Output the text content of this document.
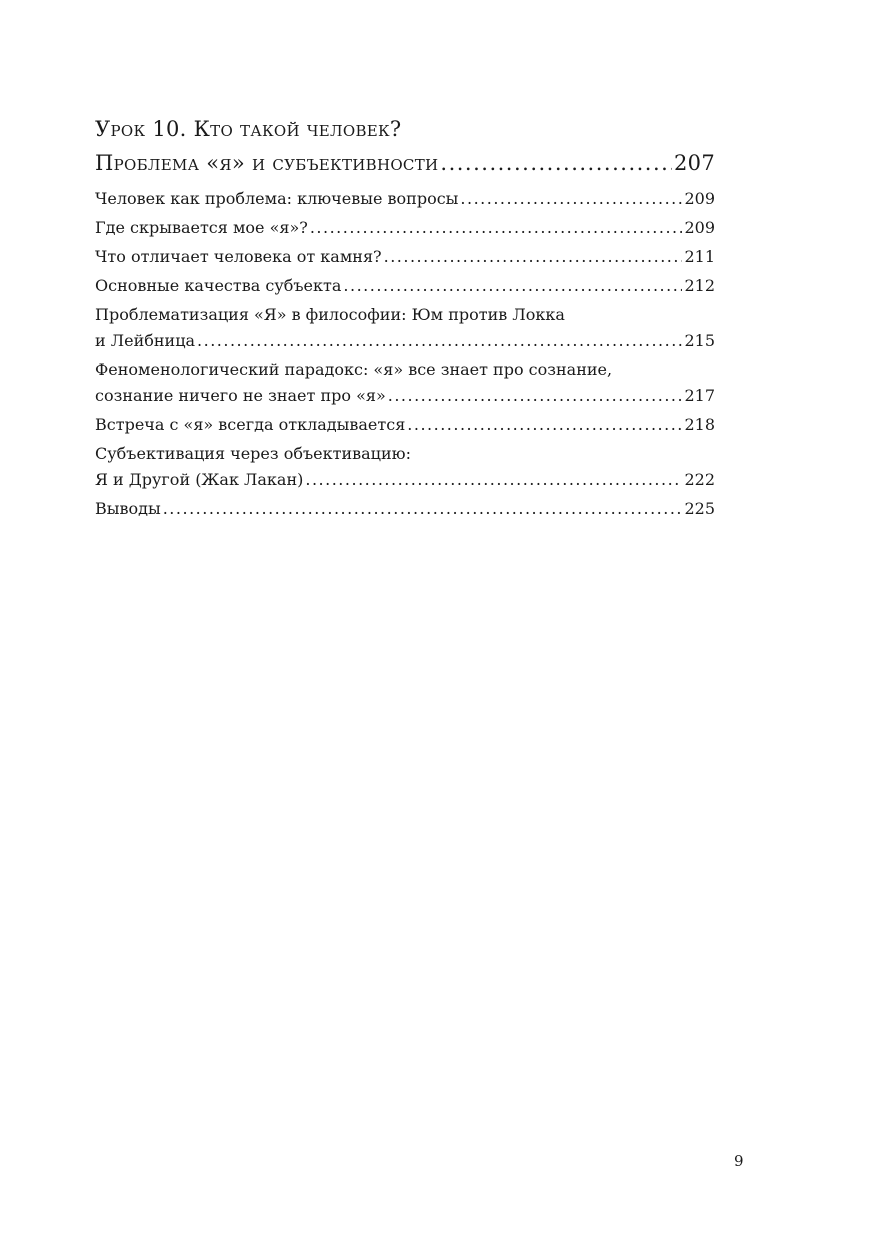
Урок 10. Кто такой человек?
Проблема «я» и субъективности .....	207
Человек как проблема: ключевые вопросы .....	209
Где скрывается мое «я»? .....	209
Что отличает человека от камня? .....	211
Основные качества субъекта .....	212
Проблематизация «Я» в философии: Юм против Локка
и Лейбница .....	215
Феноменологический парадокс: «я» все знает про сознание,
сознание ничего не знает про «я» .....	217
Встреча с «я» всегда откладывается .....	218
Субъективация через объективацию:
Я и Другой (Жак Лакан) .....	222
Выводы .....	225
9
